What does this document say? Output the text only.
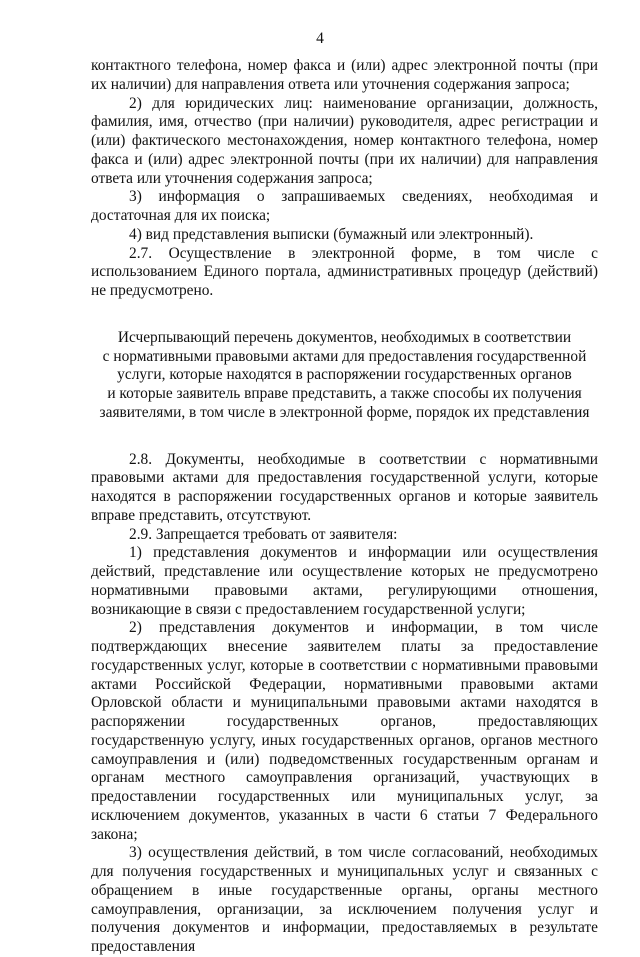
4

контактного телефона, номер факса и (или) адрес электронной почты (при их наличии) для направления ответа или уточнения содержания запроса;

2) для юридических лиц: наименование организации, должность, фамилия, имя, отчество (при наличии) руководителя, адрес регистрации и (или) фактического местонахождения, номер контактного телефона, номер факса и (или) адрес электронной почты (при их наличии) для направления ответа или уточнения содержания запроса;

3) информация о запрашиваемых сведениях, необходимая и достаточная для их поиска;

4) вид представления выписки (бумажный или электронный).

2.7. Осуществление в электронной форме, в том числе с использованием Единого портала, административных процедур (действий) не предусмотрено.

Исчерпывающий перечень документов, необходимых в соответствии
с нормативными правовыми актами для предоставления государственной
услуги, которые находятся в распоряжении государственных органов
и которые заявитель вправе представить, а также способы их получения
заявителями, в том числе в электронной форме, порядок их представления

2.8. Документы, необходимые в соответствии с нормативными правовыми актами для предоставления государственной услуги, которые находятся в распоряжении государственных органов и которые заявитель вправе представить, отсутствуют.

2.9. Запрещается требовать от заявителя:

1) представления документов и информации или осуществления действий, представление или осуществление которых не предусмотрено нормативными правовыми актами, регулирующими отношения, возникающие в связи с предоставлением государственной услуги;

2) представления документов и информации, в том числе подтверждающих внесение заявителем платы за предоставление государственных услуг, которые в соответствии с нормативными правовыми актами Российской Федерации, нормативными правовыми актами Орловской области и муниципальными правовыми актами находятся в распоряжении государственных органов, предоставляющих государственную услугу, иных государственных органов, органов местного самоуправления и (или) подведомственных государственным органам и органам местного самоуправления организаций, участвующих в предоставлении государственных или муниципальных услуг, за исключением документов, указанных в части 6 статьи 7 Федерального закона;

3) осуществления действий, в том числе согласований, необходимых для получения государственных и муниципальных услуг и связанных с обращением в иные государственные органы, органы местного самоуправления, организации, за исключением получения услуг и получения документов и информации, предоставляемых в результате предоставления
